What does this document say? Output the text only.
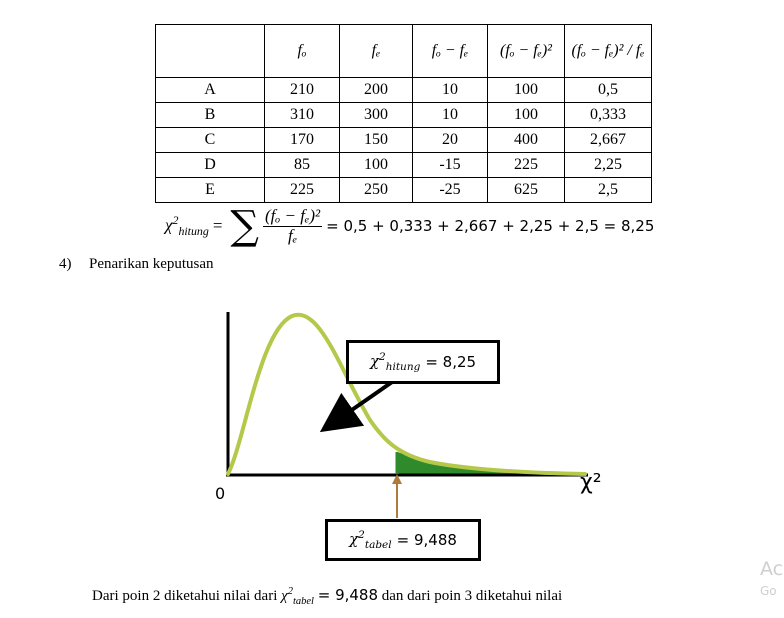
	fₒ	fₑ	fₒ − fₑ	(fₒ − fₑ)²	(fₒ − fₑ)² / fₑ
A	210	200	10	100	0,5
B	310	300	10	100	0,333
C	170	150	20	400	2,667
D	85	100	-15	225	2,25
E	225	250	-25	625	2,5
$\chi^2_{hitung}$ = ∑ $\frac{\text{(fₒ − fₑ)²}}{\text{fₑ}} = 0,5 + 0,333 + 2,667 + 2,25 + 2,5 = 8,25$
4) Penarikan keputusan
0	χ²
$\chi^2_{hitung} = 8,25$
$\chi^2_{tabel} = 9,488$
Dari poin 2 diketahui nilai dari $\chi^2_{tabel} = 9,488$ dan dari poin 3 diketahui nilai
Ac
Go
